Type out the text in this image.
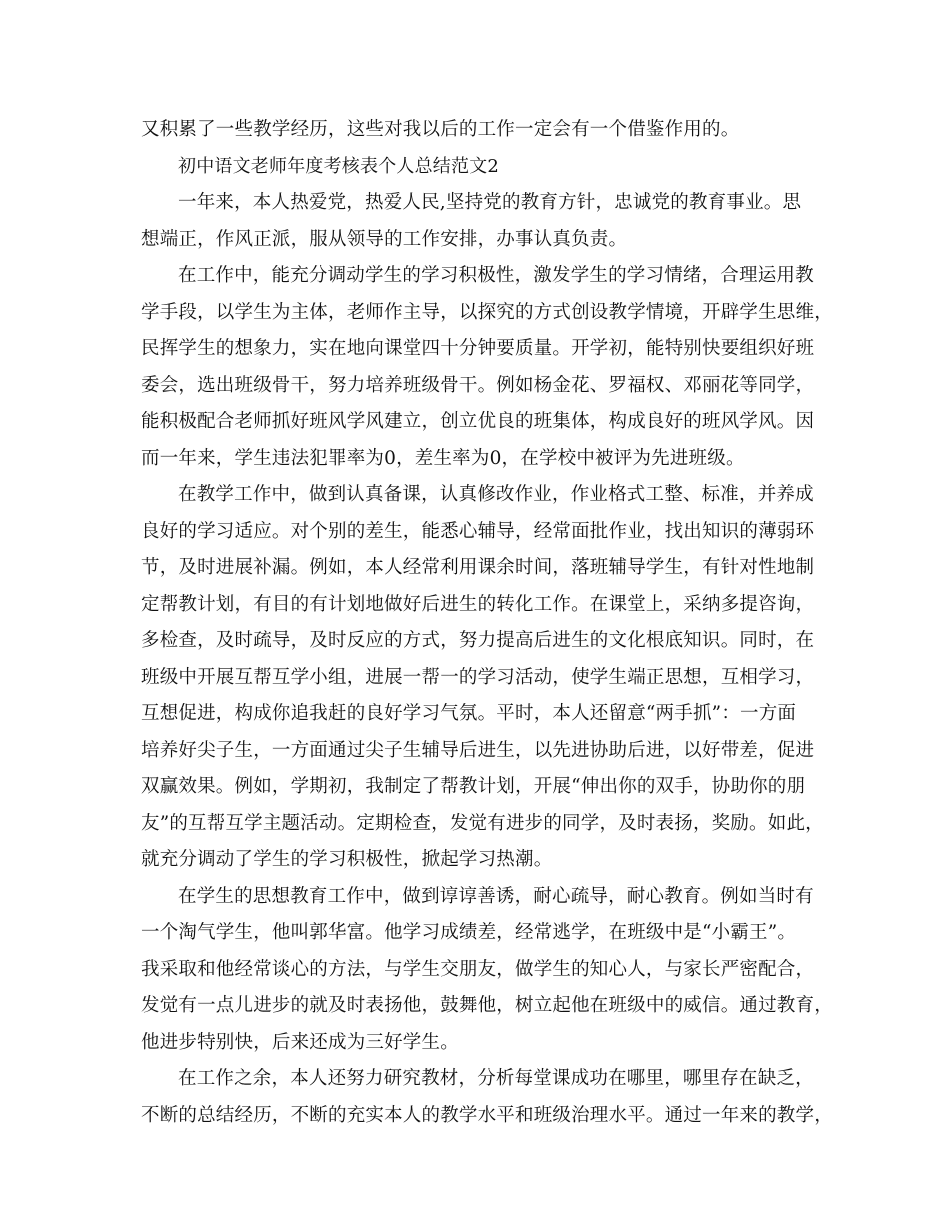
又积累了一些教学经历，这些对我以后的工作一定会有一个借鉴作用的。
初中语文老师年度考核表个人总结范文2
一年来，本人热爱党，热爱人民,坚持党的教育方针，忠诚党的教育事业。思
想端正，作风正派，服从领导的工作安排，办事认真负责。
在工作中，能充分调动学生的学习积极性，激发学生的学习情绪，合理运用教
学手段，以学生为主体，老师作主导，以探究的方式创设教学情境，开辟学生思维，
民挥学生的想象力，实在地向课堂四十分钟要质量。开学初，能特别快要组织好班
委会，选出班级骨干，努力培养班级骨干。例如杨金花、罗福权、邓丽花等同学，
能积极配合老师抓好班风学风建立，创立优良的班集体，构成良好的班风学风。因
而一年来，学生违法犯罪率为0，差生率为0，在学校中被评为先进班级。
在教学工作中，做到认真备课，认真修改作业，作业格式工整、标准，并养成
良好的学习适应。对个别的差生，能悉心辅导，经常面批作业，找出知识的薄弱环
节，及时进展补漏。例如，本人经常利用课余时间，落班辅导学生，有针对性地制
定帮教计划，有目的有计划地做好后进生的转化工作。在课堂上，采纳多提咨询，
多检查，及时疏导，及时反应的方式，努力提高后进生的文化根底知识。同时，在
班级中开展互帮互学小组，进展一帮一的学习活动，使学生端正思想，互相学习，
互想促进，构成你追我赶的良好学习气氛。平时，本人还留意“两手抓”：一方面
培养好尖子生，一方面通过尖子生辅导后进生，以先进协助后进，以好带差，促进
双赢效果。例如，学期初，我制定了帮教计划，开展“伸出你的双手，协助你的朋
友”的互帮互学主题活动。定期检查，发觉有进步的同学，及时表扬，奖励。如此，
就充分调动了学生的学习积极性，掀起学习热潮。
在学生的思想教育工作中，做到谆谆善诱，耐心疏导，耐心教育。例如当时有
一个淘气学生，他叫郭华富。他学习成绩差，经常逃学，在班级中是“小霸王”。
我采取和他经常谈心的方法，与学生交朋友，做学生的知心人，与家长严密配合，
发觉有一点儿进步的就及时表扬他，鼓舞他，树立起他在班级中的威信。通过教育，
他进步特别快，后来还成为三好学生。
在工作之余，本人还努力研究教材，分析每堂课成功在哪里，哪里存在缺乏，
不断的总结经历，不断的充实本人的教学水平和班级治理水平。通过一年来的教学，
